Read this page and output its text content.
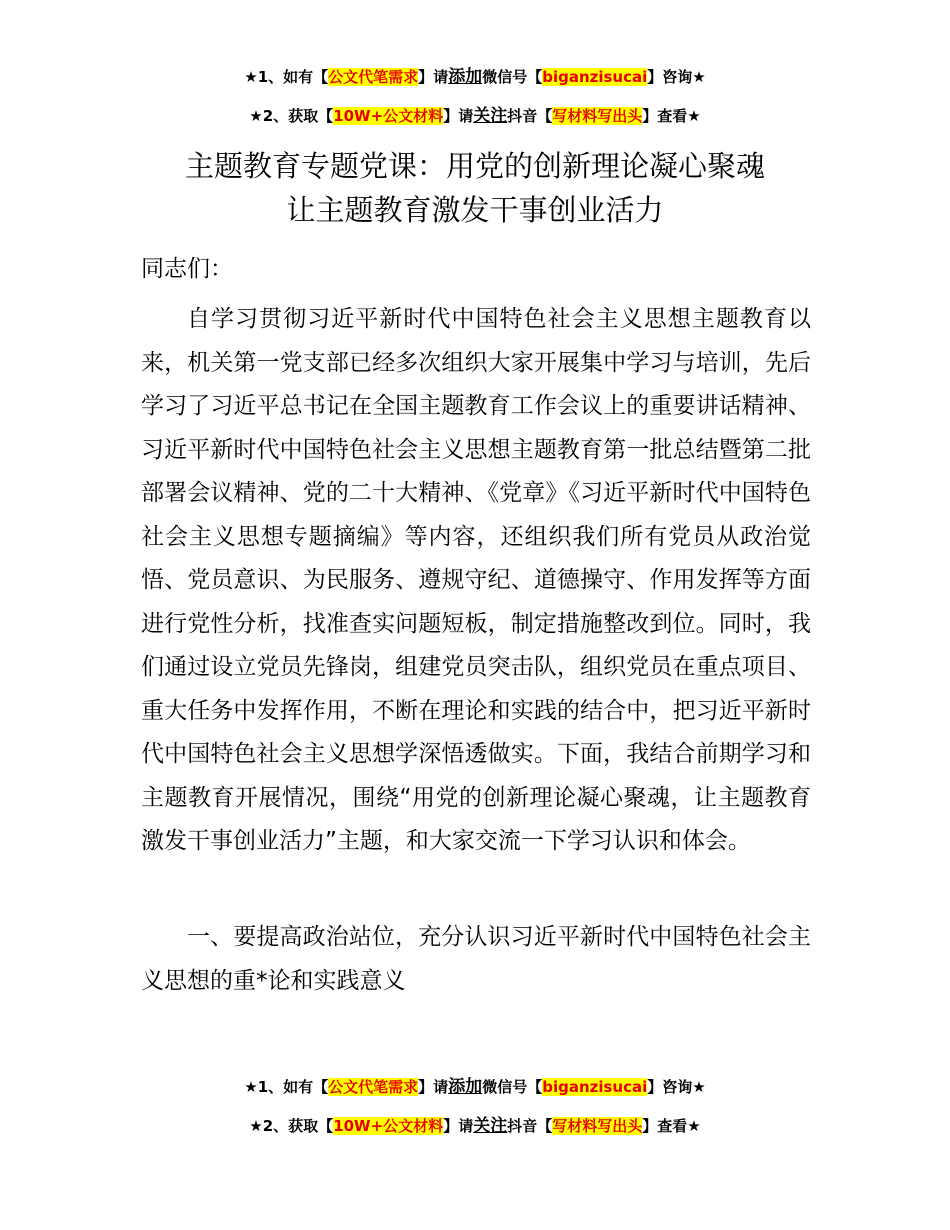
★1、如有【公文代笔需求】请添加微信号【biganzisucai】咨询★
★2、获取【10W+公文材料】请关注抖音【写材料写出头】查看★
主题教育专题党课：用党的创新理论凝心聚魂
让主题教育激发干事创业活力
同志们：
自学习贯彻习近平新时代中国特色社会主义思想主题教育以来，机关第一党支部已经多次组织大家开展集中学习与培训，先后学习了习近平总书记在全国主题教育工作会议上的重要讲话精神、习近平新时代中国特色社会主义思想主题教育第一批总结暨第二批部署会议精神、党的二十大精神、《党章》《习近平新时代中国特色社会主义思想专题摘编》等内容，还组织我们所有党员从政治觉悟、党员意识、为民服务、遵规守纪、道德操守、作用发挥等方面进行党性分析，找准查实问题短板，制定措施整改到位。同时，我们通过设立党员先锋岗，组建党员突击队，组织党员在重点项目、重大任务中发挥作用，不断在理论和实践的结合中，把习近平新时代中国特色社会主义思想学深悟透做实。下面，我结合前期学习和主题教育开展情况，围绕“用党的创新理论凝心聚魂，让主题教育激发干事创业活力”主题，和大家交流一下学习认识和体会。
一、要提高政治站位，充分认识习近平新时代中国特色社会主义思想的重*论和实践意义
★1、如有【公文代笔需求】请添加微信号【biganzisucai】咨询★
★2、获取【10W+公文材料】请关注抖音【写材料写出头】查看★
